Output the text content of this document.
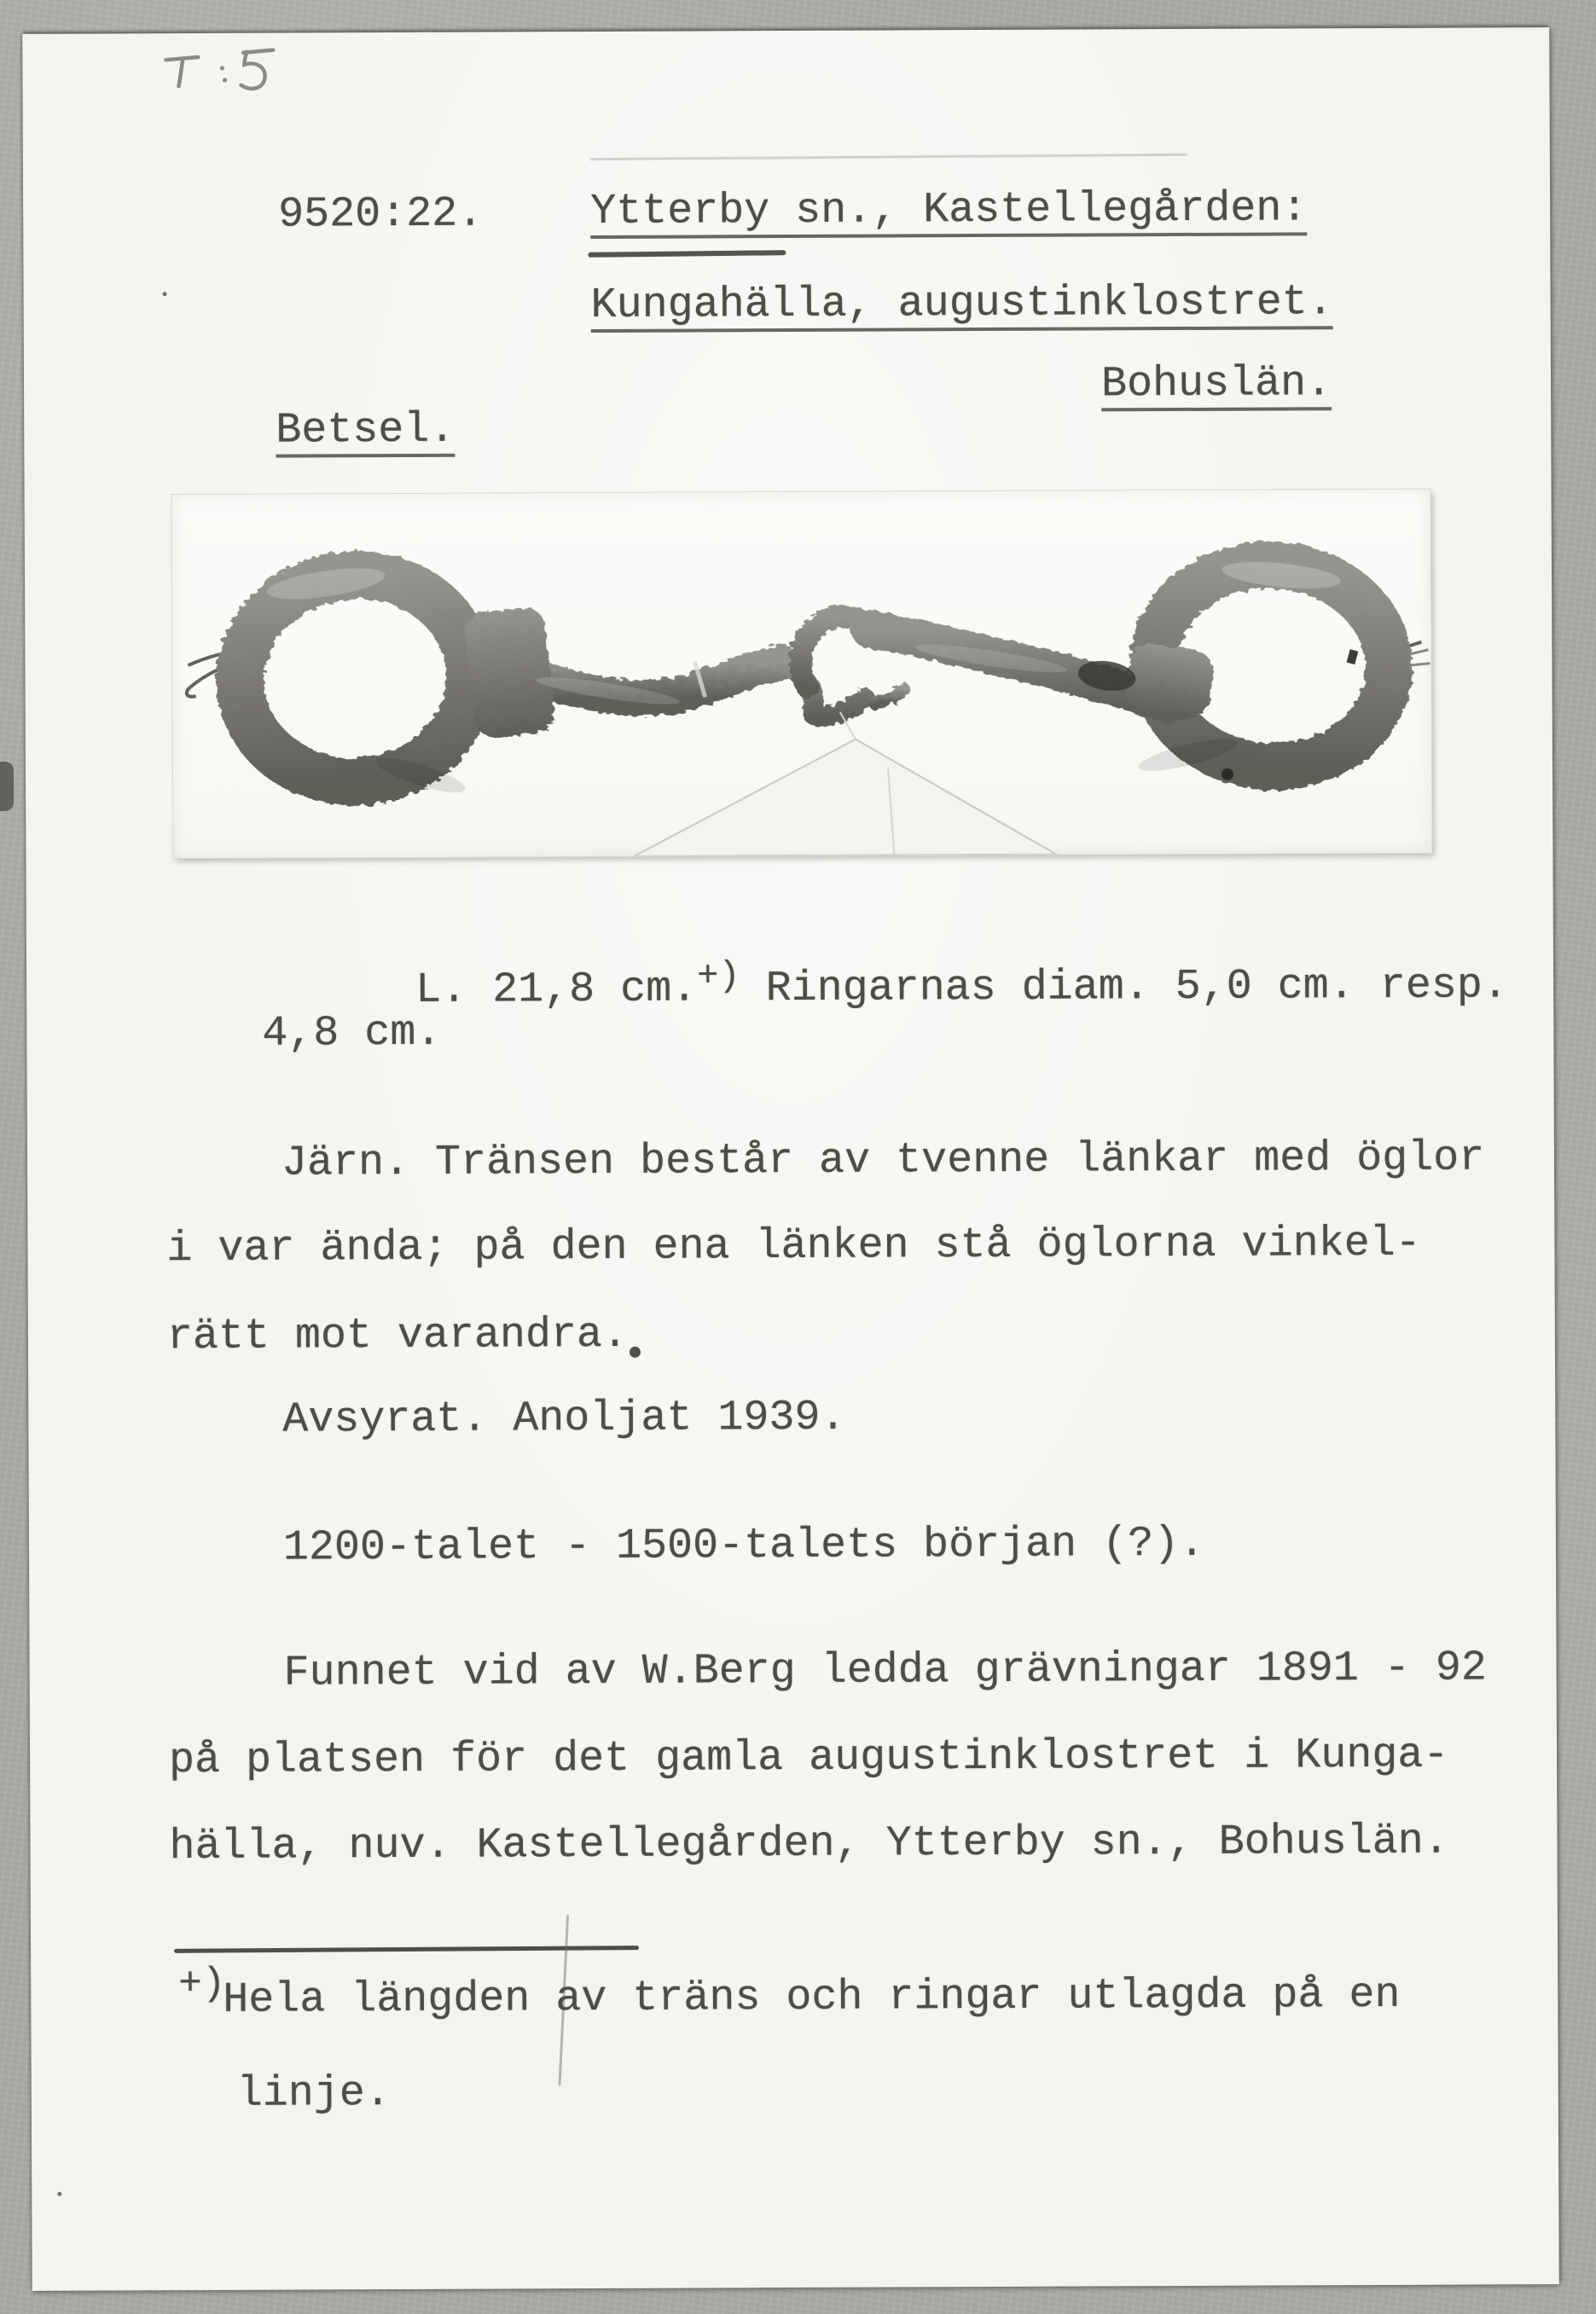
9520:22.	Ytterby sn., Kastellegården:
Kungahälla, augustinklostret.
Bohuslän.
Betsel.

L. 21,8 cm.+) Ringarnas diam. 5,0 cm. resp.

4,8 cm.
Järn. Tränsen består av tvenne länkar med öglor
i var ända; på den ena länken stå öglorna vinkel-
rätt mot varandra.
Avsyrat. Anoljat 1939.
1200-talet - 1500-talets början (?).
Funnet vid av W.Berg ledda grävningar 1891 - 92
på platsen för det gamla augustinklostret i Kunga-
hälla, nuv. Kastellegården, Ytterby sn., Bohuslän.
+)
Hela längden av träns och ringar utlagda på en
linje.
